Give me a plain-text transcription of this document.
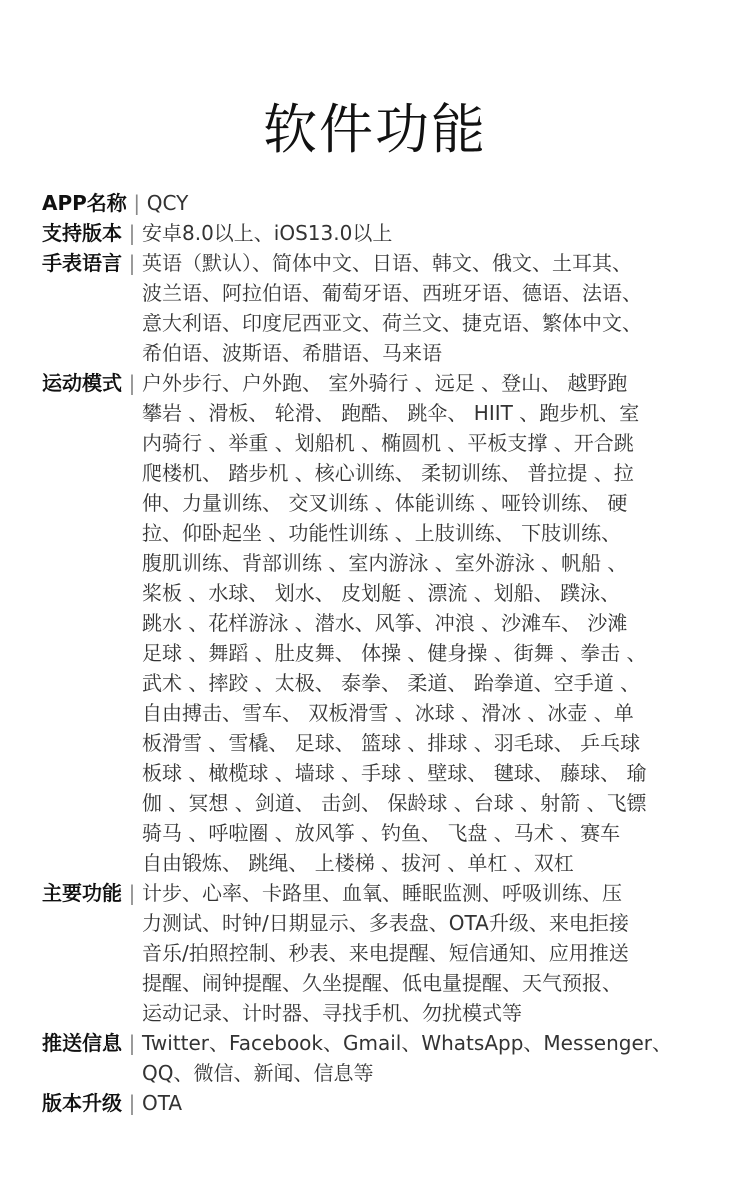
软件功能
APP名称 | QCY
支持版本 | 安卓8.0以上、iOS13.0以上
手表语言 | 英语（默认）、简体中文、日语、韩文、俄文、土耳其、
波兰语、阿拉伯语、葡萄牙语、西班牙语、德语、法语、
意大利语、印度尼西亚文、荷兰文、捷克语、繁体中文、
希伯语、波斯语、希腊语、马来语
运动模式 | 户外步行、户外跑、 室外骑行 、远足 、登山、 越野跑
攀岩 、滑板、 轮滑、 跑酷、 跳伞、 HIIT 、跑步机、室
内骑行 、举重 、划船机 、椭圆机 、平板支撑 、开合跳
爬楼机、 踏步机 、核心训练、 柔韧训练、 普拉提 、拉
伸、力量训练、 交叉训练 、体能训练 、哑铃训练、 硬
拉、仰卧起坐 、功能性训练 、上肢训练、 下肢训练、
腹肌训练、背部训练 、室内游泳 、室外游泳 、帆船 、
桨板 、水球、 划水、 皮划艇 、漂流 、划船、 蹼泳、
跳水 、花样游泳 、潜水、风筝、冲浪 、沙滩车、 沙滩
足球 、舞蹈 、肚皮舞、 体操 、健身操 、街舞 、拳击 、
武术 、摔跤 、太极、 泰拳、 柔道、 跆拳道、空手道 、
自由搏击、雪车、 双板滑雪 、冰球 、滑冰 、冰壶 、单
板滑雪 、雪橇、 足球、 篮球 、排球 、羽毛球、 乒乓球
板球 、橄榄球 、墙球 、手球 、壁球、 毽球、 藤球、 瑜
伽 、冥想 、剑道、 击剑、 保龄球 、台球 、射箭 、飞镖
骑马 、呼啦圈 、放风筝 、钓鱼、 飞盘 、马术 、赛车
自由锻炼、 跳绳、 上楼梯 、拔河 、单杠 、双杠
主要功能 | 计步、心率、卡路里、血氧、睡眠监测、呼吸训练、压
力测试、时钟/日期显示、多表盘、OTA升级、来电拒接
音乐/拍照控制、秒表、来电提醒、短信通知、应用推送
提醒、闹钟提醒、久坐提醒、低电量提醒、天气预报、
运动记录、计时器、寻找手机、勿扰模式等
推送信息 | Twitter、Facebook、Gmail、WhatsApp、Messenger、
QQ、微信、新闻、信息等
版本升级 | OTA
